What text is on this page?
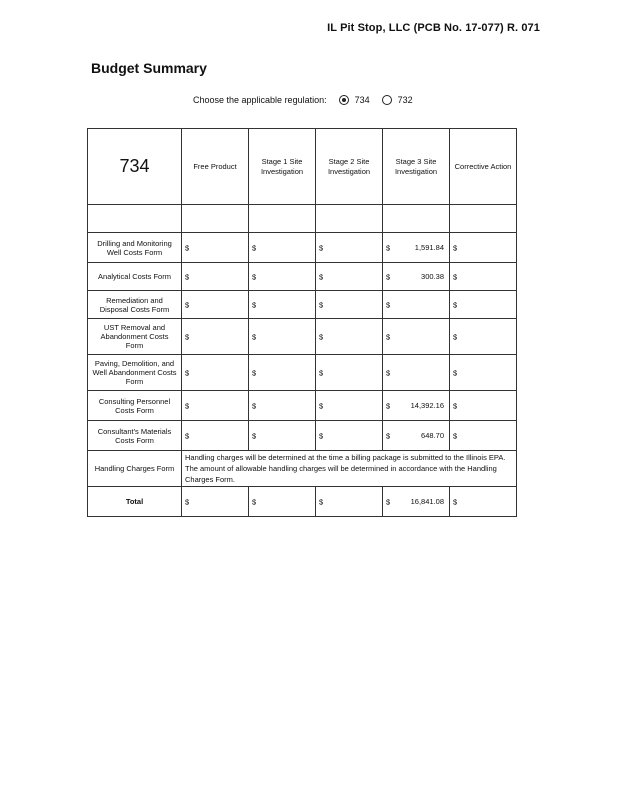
IL Pit Stop, LLC (PCB No. 17-077) R. 071
Budget Summary
Choose the applicable regulation:	734	732
734	Free Product	Stage 1 Site Investigation	Stage 2 Site Investigation	Stage 3 Site Investigation	Corrective Action

Drilling and Monitoring Well Costs Form	$	$	$	$ 1,591.84	$

Analytical Costs Form	$	$	$	$ 300.38	$

Remediation and Disposal Costs Form	$	$	$	$	$

UST Removal and Abandonment Costs Form	$	$	$	$	$

Paving, Demolition, and Well Abandonment Costs Form	$	$	$	$	$

Consulting Personnel Costs Form	$	$	$	$ 14,392.16	$

Consultant's Materials Costs Form	$	$	$	$ 648.70	$

Handling Charges Form	Handling charges will be determined at the time a billing package is submitted to the Illinois EPA. The amount of allowable handling charges will be determined in accordance with the Handling Charges Form.				
Total	$	$	$	$ 16,841.08	$
